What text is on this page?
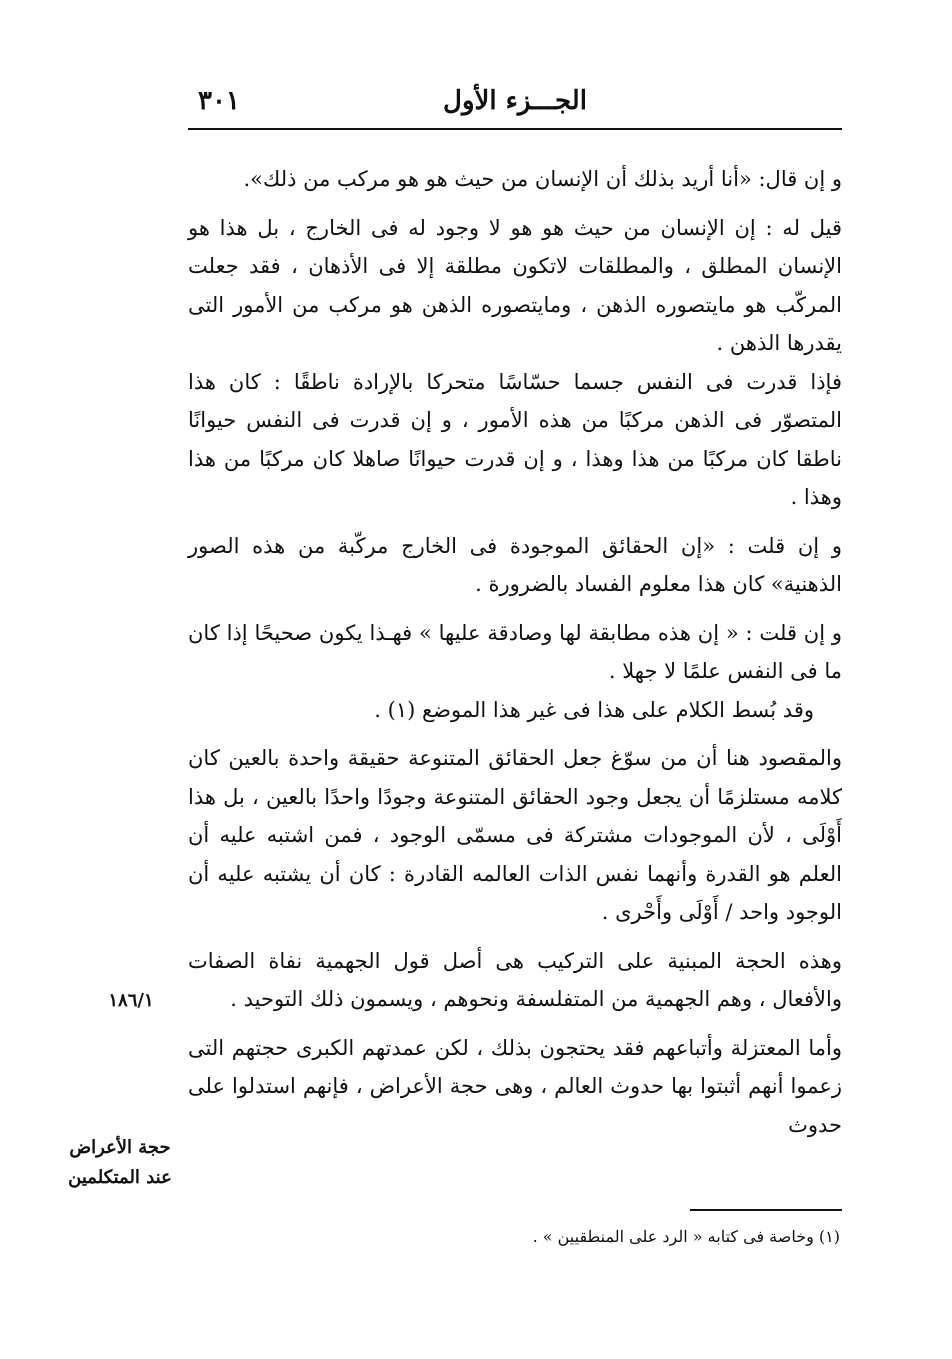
٣٠١	الجـــزء الأول

و إن قال: «أنا أريد بذلك أن الإنسان من حيث هو هو مركب من ذلك».

قيل له : إن الإنسان من حيث هو هو لا وجود له فى الخارج ، بل هذا هو الإنسان المطلق ، والمطلقات لاتكون مطلقة إلا فى الأذهان ، فقد جعلت المركّب هو مايتصوره الذهن ، ومايتصوره الذهن هو مركب من الأمور التى يقدرها الذهن .

فإذا قدرت فى النفس جسما حسّاسًا متحركا بالإرادة ناطقًا : كان هذا المتصوّر فى الذهن مركبًا من هذه الأمور ، و إن قدرت فى النفس حيوانًا ناطقا كان مركبًا من هذا وهذا ، و إن قدرت حيوانًا صاهلا كان مركبًا من هذا وهذا .

و إن قلت : «إن الحقائق الموجودة فى الخارج مركّبة من هذه الصور الذهنية» كان هذا معلوم الفساد بالضرورة .

و إن قلت : « إن هذه مطابقة لها وصادقة عليها » فهـذا يكون صحيحًا إذا كان ما فى النفس علمًا لا جهلا .

وقد بُسط الكلام على هذا فى غير هذا الموضع (١) .

والمقصود هنا أن من سوّغ جعل الحقائق المتنوعة حقيقة واحدة بالعين كان كلامه مستلزمًا أن يجعل وجود الحقائق المتنوعة وجودًا واحدًا بالعين ، بل هذا أَوْلَى ، لأن الموجودات مشتركة فى مسمّى الوجود ، فمن اشتبه عليه أن العلم هو القدرة وأنهما نفس الذات العالمه القادرة : كان أن يشتبه عليه أن الوجود واحد / أَوْلَى وأَحْرى .

وهذه الحجة المبنية على التركيب هى أصل قول الجهمية نفاة الصفات والأفعال ، وهم الجهمية من المتفلسفة ونحوهم ، ويسمون ذلك التوحيد .

وأما المعتزلة وأتباعهم فقد يحتجون بذلك ، لكن عمدتهم الكبرى حجتهم التى زعموا أنهم أثبتوا بها حدوث العالم ، وهى حجة الأعراض ، فإنهم استدلوا على حدوث

١٨٦/١
حجة الأعراض
عند المتكلمين
(١) وخاصة فى كتابه « الرد على المنطقيين » .
